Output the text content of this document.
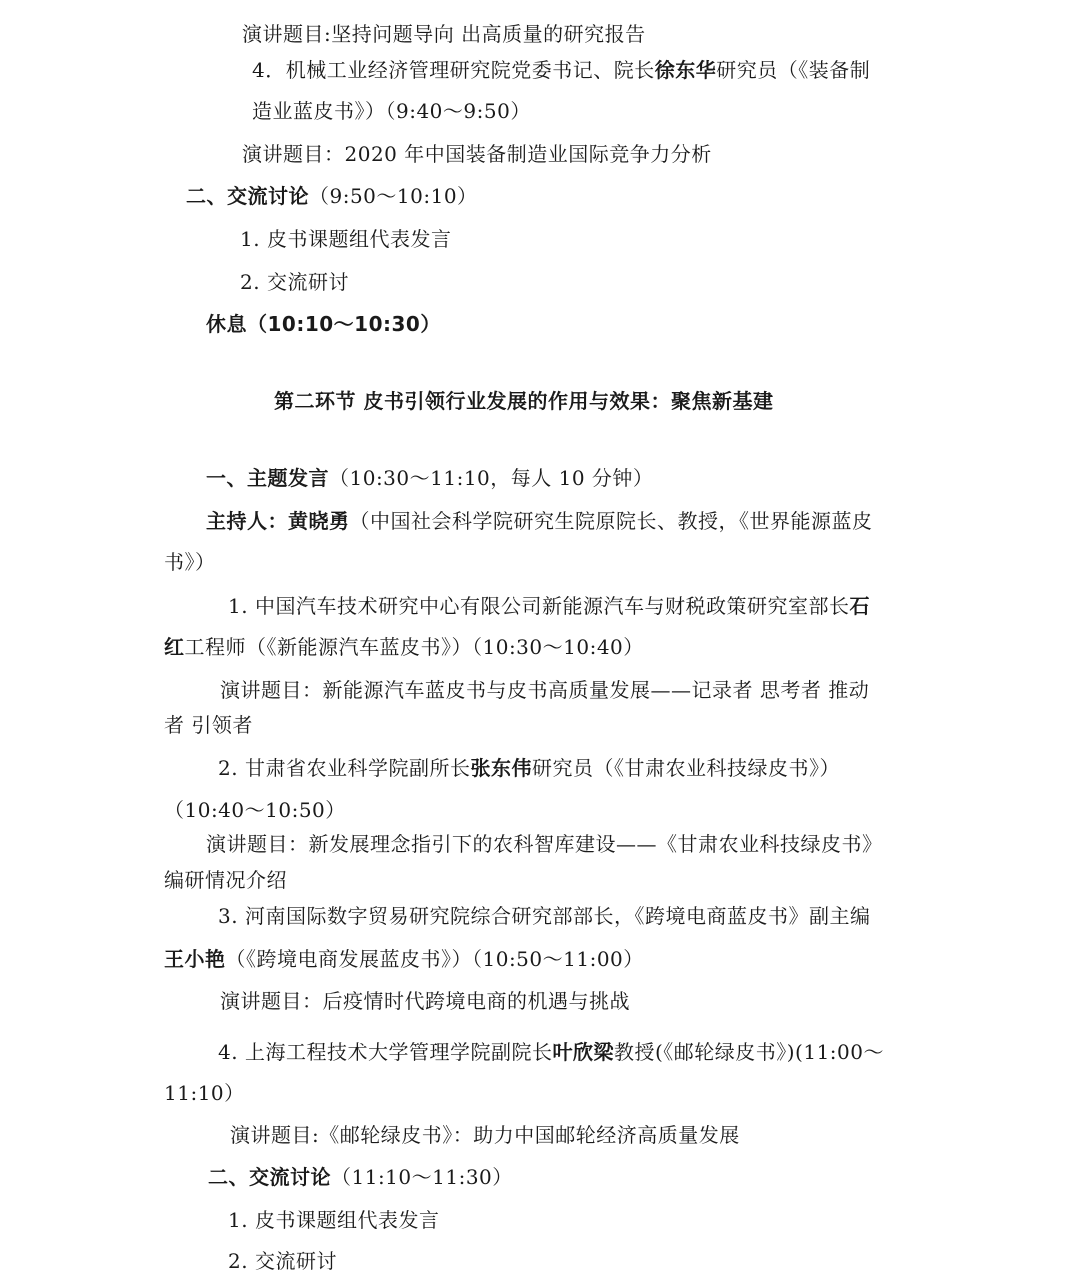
演讲题目:坚持问题导向 出高质量的研究报告
4．机械工业经济管理研究院党委书记、院长徐东华研究员（《装备制
造业蓝皮书》）（9:40～9:50）
演讲题目：2020 年中国装备制造业国际竞争力分析
二、交流讨论（9:50～10:10）
1. 皮书课题组代表发言
2. 交流研讨
休息（10:10～10:30）
第二环节 皮书引领行业发展的作用与效果：聚焦新基建
一、主题发言（10:30～11:10，每人 10 分钟）
主持人：黄晓勇（中国社会科学院研究生院原院长、教授，《世界能源蓝皮
书》）
1. 中国汽车技术研究中心有限公司新能源汽车与财税政策研究室部长石
红工程师（《新能源汽车蓝皮书》）（10:30～10:40）
演讲题目：新能源汽车蓝皮书与皮书高质量发展——记录者 思考者 推动
者 引领者
2. 甘肃省农业科学院副所长张东伟研究员（《甘肃农业科技绿皮书》）
（10:40～10:50）
演讲题目：新发展理念指引下的农科智库建设——《甘肃农业科技绿皮书》
编研情况介绍
3. 河南国际数字贸易研究院综合研究部部长，《跨境电商蓝皮书》副主编
王小艳（《跨境电商发展蓝皮书》）（10:50～11:00）
演讲题目：后疫情时代跨境电商的机遇与挑战
4. 上海工程技术大学管理学院副院长叶欣梁教授(《邮轮绿皮书》)(11:00～
11:10）
演讲题目:《邮轮绿皮书》：助力中国邮轮经济高质量发展
二、交流讨论（11:10～11:30）
1. 皮书课题组代表发言
2. 交流研讨
